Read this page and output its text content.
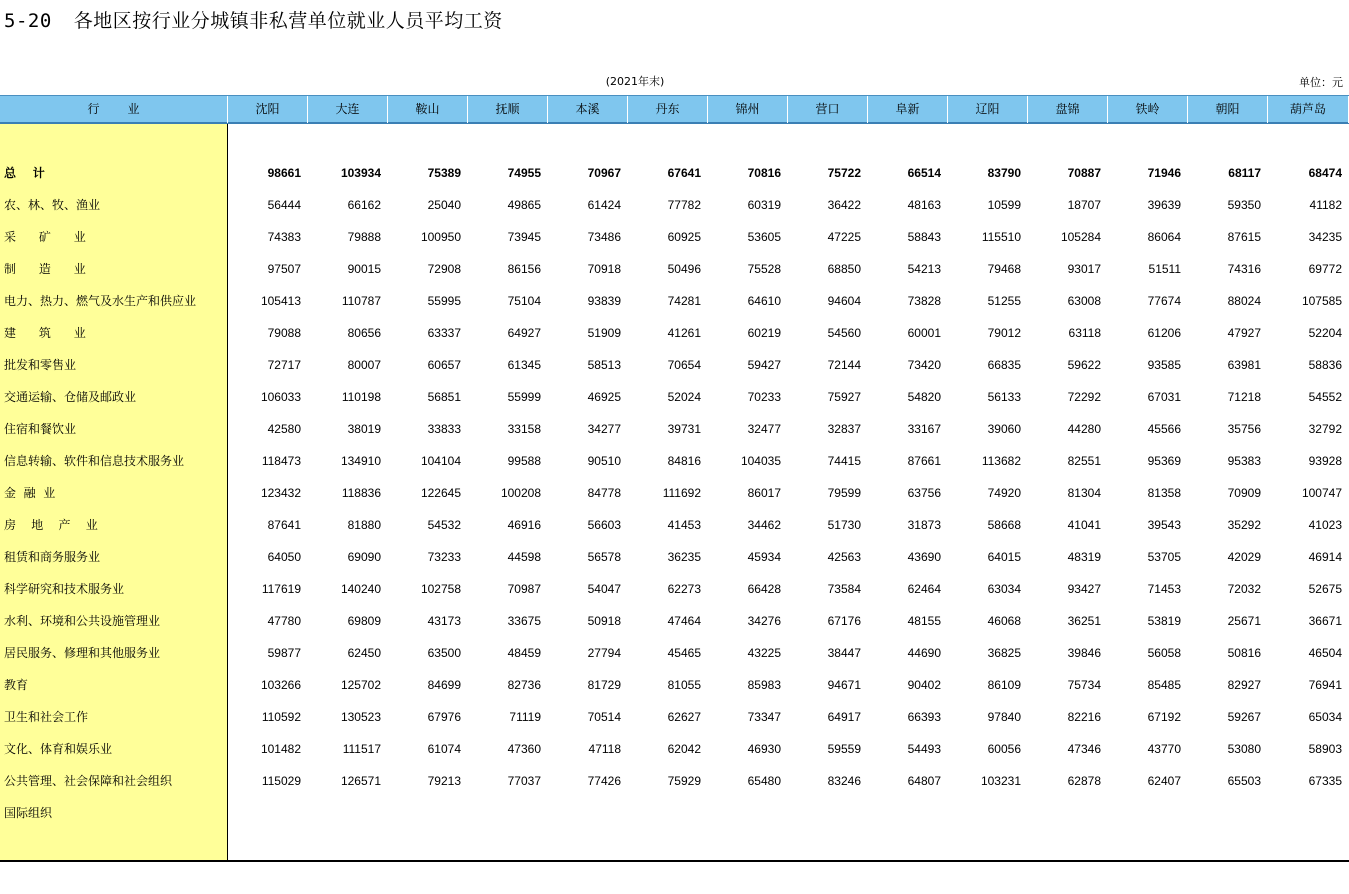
5-20 各地区按行业分城镇非私营单位就业人员平均工资
(2021年末)	单位：元
行业	沈阳	大连	鞍山	抚顺	本溪	丹东	锦州	营口	阜新	辽阳	盘锦	铁岭	朝阳	葫芦岛
总    计	98661	103934	75389	74955	70967	67641	70816	75722	66514	83790	70887	71946	68117	68474
农、林、牧、渔业	56444	66162	25040	49865	61424	77782	60319	36422	48163	10599	18707	39639	59350	41182
采      矿      业	74383	79888	100950	73945	73486	60925	53605	47225	58843	115510	105284	86064	87615	34235
制      造      业	97507	90015	72908	86156	70918	50496	75528	68850	54213	79468	93017	51511	74316	69772
电力、热力、燃气及水生产和供应业	105413	110787	55995	75104	93839	74281	64610	94604	73828	51255	63008	77674	88024	107585
建      筑      业	79088	80656	63337	64927	51909	41261	60219	54560	60001	79012	63118	61206	47927	52204
批发和零售业	72717	80007	60657	61345	58513	70654	59427	72144	73420	66835	59622	93585	63981	58836
交通运输、仓储及邮政业	106033	110198	56851	55999	46925	52024	70233	75927	54820	56133	72292	67031	71218	54552
住宿和餐饮业	42580	38019	33833	33158	34277	39731	32477	32837	33167	39060	44280	45566	35756	32792
信息转输、软件和信息技术服务业	118473	134910	104104	99588	90510	84816	104035	74415	87661	113682	82551	95369	95383	93928
金  融  业	123432	118836	122645	100208	84778	111692	86017	79599	63756	74920	81304	81358	70909	100747
房    地    产    业	87641	81880	54532	46916	56603	41453	34462	51730	31873	58668	41041	39543	35292	41023
租赁和商务服务业	64050	69090	73233	44598	56578	36235	45934	42563	43690	64015	48319	53705	42029	46914
科学研究和技术服务业	117619	140240	102758	70987	54047	62273	66428	73584	62464	63034	93427	71453	72032	52675
水利、环境和公共设施管理业	47780	69809	43173	33675	50918	47464	34276	67176	48155	46068	36251	53819	25671	36671
居民服务、修理和其他服务业	59877	62450	63500	48459	27794	45465	43225	38447	44690	36825	39846	56058	50816	46504
教育	103266	125702	84699	82736	81729	81055	85983	94671	90402	86109	75734	85485	82927	76941
卫生和社会工作	110592	130523	67976	71119	70514	62627	73347	64917	66393	97840	82216	67192	59267	65034
文化、体育和娱乐业	101482	111517	61074	47360	47118	62042	46930	59559	54493	60056	47346	43770	53080	58903
公共管理、社会保障和社会组织	115029	126571	79213	77037	77426	75929	65480	83246	64807	103231	62878	62407	65503	67335
国际组织
